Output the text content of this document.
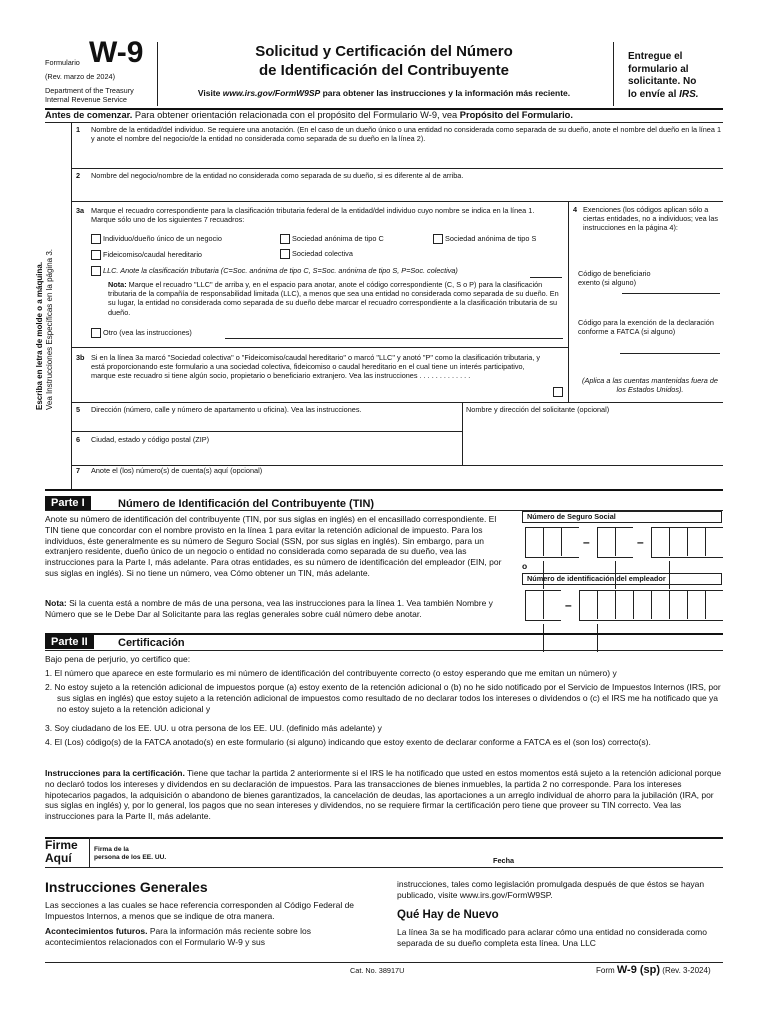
Formulario W-9
(Rev. marzo de 2024)
Department of the Treasury
Internal Revenue Service
Solicitud y Certificación del Número
de Identificación del Contribuyente
Visite www.irs.gov/FormW9SP para obtener las instrucciones y la información más reciente.
Entregue el
formulario al
solicitante. No
lo envíe al IRS.
Antes de comenzar. Para obtener orientación relacionada con el propósito del Formulario W-9, vea Propósito del Formulario.
Escriba en letra de molde o a máquina. Vea Instrucciones Específicas en la página 3.
1 Nombre de la entidad/del individuo. Se requiere una anotación. (En el caso de un dueño único o una entidad no considerada como separada de su dueño, anote el nombre del dueño en la línea 1 y anote el nombre del negocio/de la entidad no considerada como separada de su dueño en la línea 2).
2 Nombre del negocio/nombre de la entidad no considerada como separada de su dueño, si es diferente al de arriba.
3a Marque el recuadro correspondiente para la clasificación tributaria federal de la entidad/del individuo cuyo nombre se indica en la línea 1. Marque sólo uno de los siguientes 7 recuadros:
Individuo/dueño único de un negocio	Sociedad anónima de tipo C	Sociedad anónima de tipo S
Fideicomiso/caudal hereditario	Sociedad colectiva
LLC. Anote la clasificación tributaria (C=Soc. anónima de tipo C, S=Soc. anónima de tipo S, P=Soc. colectiva)
Nota: Marque el recuadro "LLC" de arriba y, en el espacio para anotar, anote el código correspondiente (C, S o P) para la clasificación tributaria de la compañía de responsabilidad limitada (LLC), a menos que sea una entidad no considerada como separada de su dueño. En su lugar, la entidad no considerada como separada de su dueño debe marcar el recuadro correspondiente a la clasificación tributaria de su dueño.
Otro (vea las instrucciones)
3b Si en la línea 3a marcó "Sociedad colectiva" o "Fideicomiso/caudal hereditario" o marcó "LLC" y anotó "P" como la clasificación tributaria, y está proporcionando este formulario a una sociedad colectiva, fideicomiso o caudal hereditario en el cual tiene un interés participativo, marque este recuadro si tiene algún socio, propietario o beneficiario extranjero. Vea las instrucciones . . . . . . . . . . . . .
4 Exenciones (los códigos aplican sólo a ciertas entidades, no a individuos; vea las instrucciones en la página 4):
Código de beneficiario exento (si alguno)
Código para la exención de la declaración conforme a FATCA (si alguno)
(Aplica a las cuentas mantenidas fuera de los Estados Unidos).
5 Dirección (número, calle y número de apartamento u oficina). Vea las instrucciones.	Nombre y dirección del solicitante (opcional)
6 Ciudad, estado y código postal (ZIP)
7 Anote el (los) número(s) de cuenta(s) aquí (opcional)
Parte I	Número de Identificación del Contribuyente (TIN)
Anote su número de identificación del contribuyente (TIN, por sus siglas en inglés) en el encasillado correspondiente. El TIN tiene que concordar con el nombre provisto en la línea 1 para evitar la retención adicional de impuesto. Para los individuos, éste generalmente es su número de Seguro Social (SSN, por sus siglas en inglés). Sin embargo, para un extranjero residente, dueño único de un negocio o entidad no considerada como separada de su dueño, vea las instrucciones para la Parte I, más adelante. Para otras entidades, es su número de identificación del empleador (EIN, por sus siglas en inglés). Si no tiene un número, vea Cómo obtener un TIN, más adelante.
Nota: Si la cuenta está a nombre de más de una persona, vea las instrucciones para la línea 1. Vea también Nombre y Número que se le Debe Dar al Solicitante para las reglas generales sobre cuál número debe anotar.
Número de Seguro Social
–	–
o
Número de identificación del empleador
–
Parte II	Certificación
Bajo pena de perjurio, yo certifico que:
1. El número que aparece en este formulario es mi número de identificación del contribuyente correcto (o estoy esperando que me emitan un número) y
2. No estoy sujeto a la retención adicional de impuestos porque (a) estoy exento de la retención adicional o (b) no he sido notificado por el Servicio de Impuestos Internos (IRS, por sus siglas en inglés) que estoy sujeto a la retención adicional de impuestos como resultado de no declarar todos los intereses o dividendos o (c) el IRS me ha notificado que ya no estoy sujeto a la retención adicional y
3. Soy ciudadano de los EE. UU. u otra persona de los EE. UU. (definido más adelante) y
4. El (Los) código(s) de la FATCA anotado(s) en este formulario (si alguno) indicando que estoy exento de declarar conforme a FATCA es el (son los) correcto(s).
Instrucciones para la certificación. Tiene que tachar la partida 2 anteriormente si el IRS le ha notificado que usted en estos momentos está sujeto a la retención adicional porque no declaró todos los intereses y dividendos en su declaración de impuestos. Para las transacciones de bienes inmuebles, la partida 2 no corresponde. Para los intereses hipotecarios pagados, la adquisición o abandono de bienes garantizados, la cancelación de deudas, las aportaciones a un arreglo individual de ahorro para la jubilación (IRA, por sus siglas en inglés) y, por lo general, los pagos que no sean intereses y dividendos, no se requiere firmar la certificación pero tiene que proveer su TIN correcto. Vea las instrucciones para la Parte II, más adelante.
Firme
Aquí
Firma de la
persona de los EE. UU.	Fecha
Instrucciones Generales
Las secciones a las cuales se hace referencia corresponden al Código Federal de Impuestos Internos, a menos que se indique de otra manera.
Acontecimientos futuros. Para la información más reciente sobre los acontecimientos relacionados con el Formulario W-9 y sus
instrucciones, tales como legislación promulgada después de que éstos se hayan publicado, visite www.irs.gov/FormW9SP.
Qué Hay de Nuevo
La línea 3a se ha modificado para aclarar cómo una entidad no considerada como separada de su dueño completa esta línea. Una LLC
Cat. No. 38917U	Form W-9 (sp) (Rev. 3-2024)
